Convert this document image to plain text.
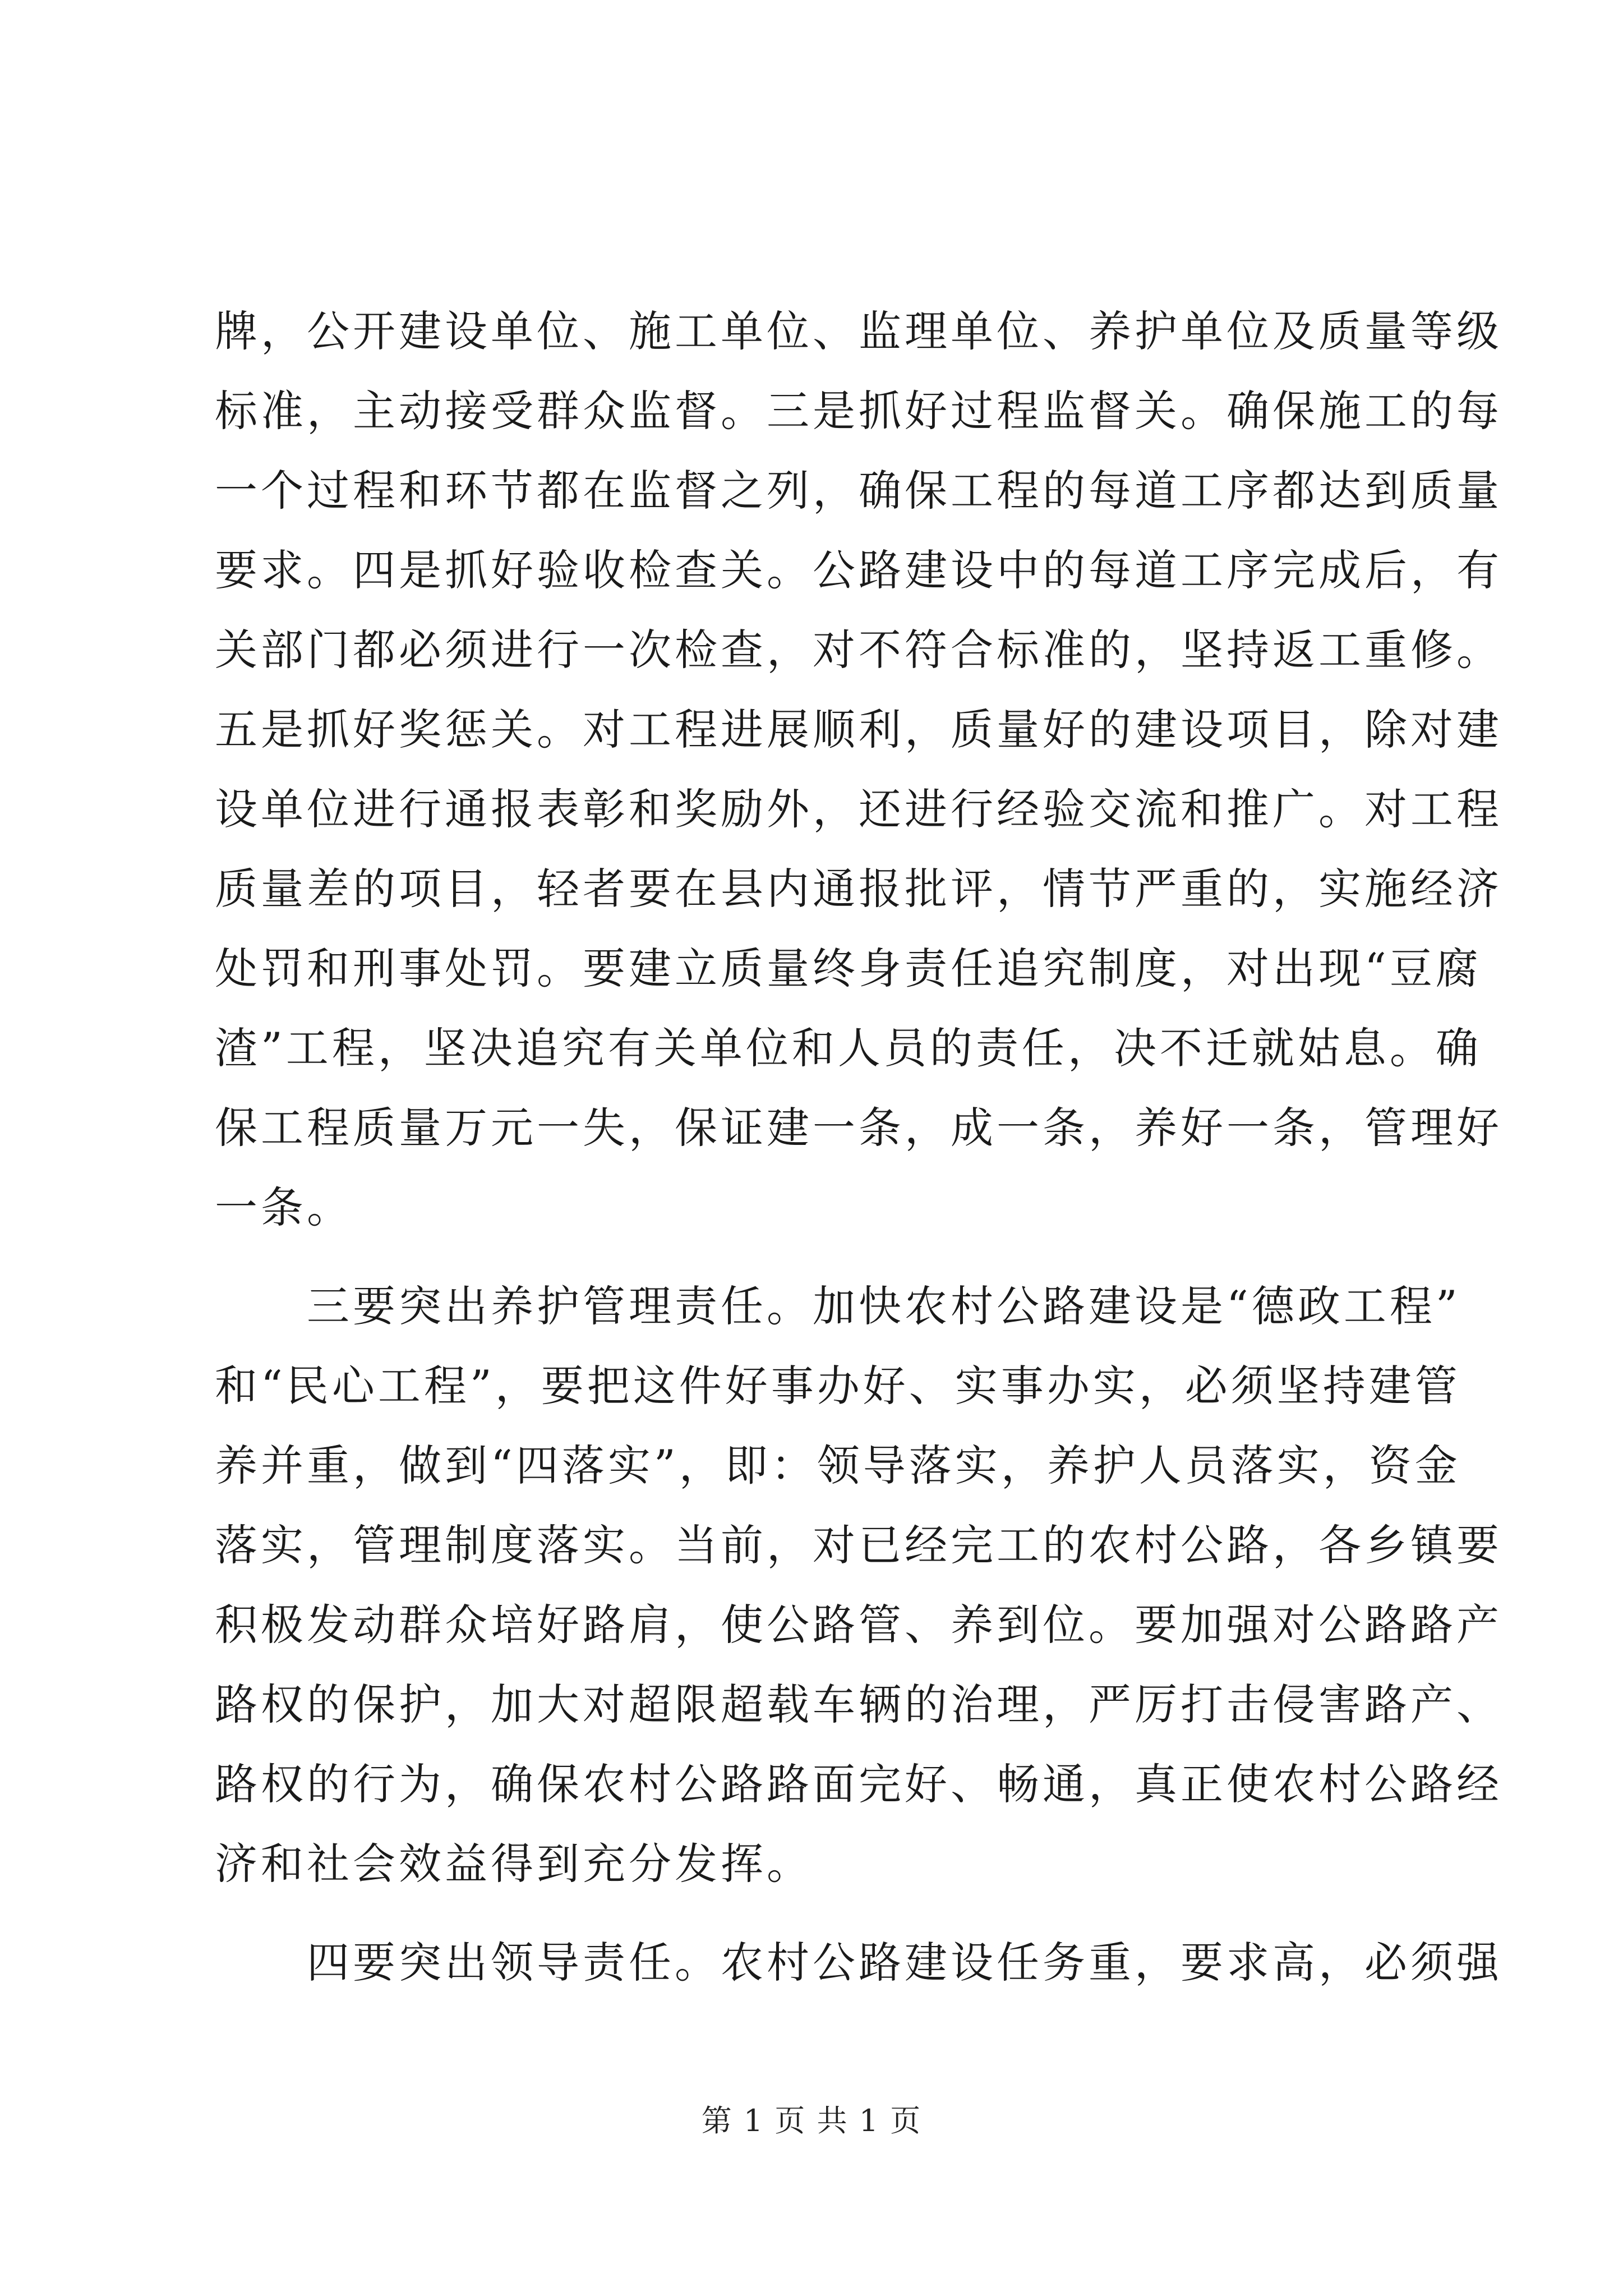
牌，公开建设单位、施工单位、监理单位、养护单位及质量等级
标准，主动接受群众监督。三是抓好过程监督关。确保施工的每
一个过程和环节都在监督之列，确保工程的每道工序都达到质量
要求。四是抓好验收检查关。公路建设中的每道工序完成后，有
关部门都必须进行一次检查，对不符合标准的，坚持返工重修。
五是抓好奖惩关。对工程进展顺利，质量好的建设项目，除对建
设单位进行通报表彰和奖励外，还进行经验交流和推广。对工程
质量差的项目，轻者要在县内通报批评，情节严重的，实施经济
处罚和刑事处罚。要建立质量终身责任追究制度，对出现“豆腐
渣”工程，坚决追究有关单位和人员的责任，决不迁就姑息。确
保工程质量万元一失，保证建一条，成一条，养好一条，管理好
一条。
　　三要突出养护管理责任。加快农村公路建设是“德政工程”
和“民心工程”，要把这件好事办好、实事办实，必须坚持建管
养并重，做到“四落实”，即：领导落实，养护人员落实，资金
落实，管理制度落实。当前，对已经完工的农村公路，各乡镇要
积极发动群众培好路肩，使公路管、养到位。要加强对公路路产
路权的保护，加大对超限超载车辆的治理，严厉打击侵害路产、
路权的行为，确保农村公路路面完好、畅通，真正使农村公路经
济和社会效益得到充分发挥。
　　四要突出领导责任。农村公路建设任务重，要求高，必须强
第 1 页 共 1 页
